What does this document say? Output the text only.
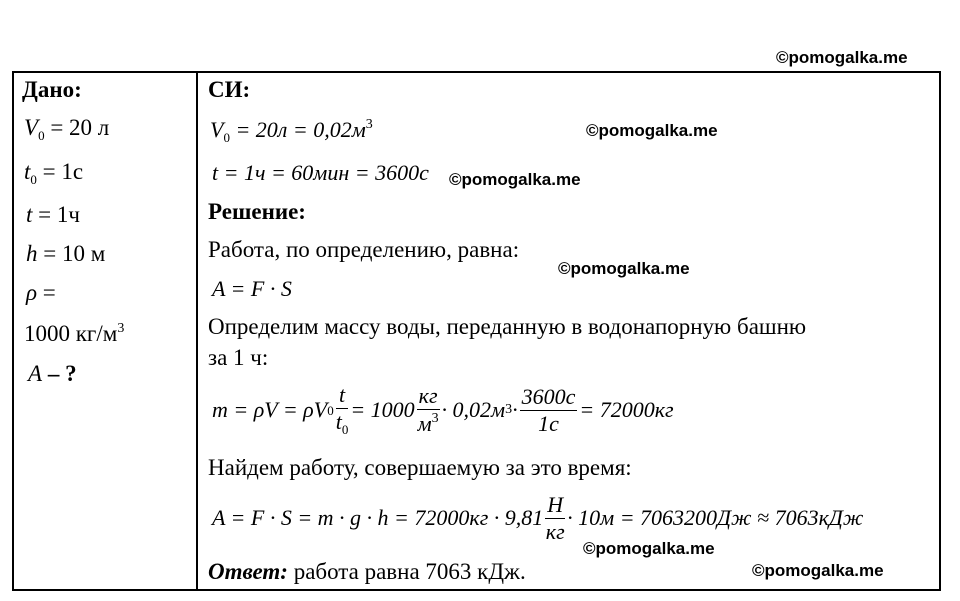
©pomogalka.me
©pomogalka.me
©pomogalka.me
©pomogalka.me
©pomogalka.me
©pomogalka.me
Дано:
$V_0 = 20$ л
$t_0 = 1с$
t = 1ч
h = 10 м
ρ =
1000 $кг/м^3$
A – ?
СИ:
$V_0 = 20л = 0,02м^3$
t = 1ч = 60мин = 3600с
Решение:
Работа, по определению, равна:
A = F · S
Определим массу воды, переданную в водонапорную башню
за 1 ч:
m = ρV = ρV $0 \frac{t}{t_0} = 1000 \frac{кг}{м^3} \cdot 0,02м$ $3 \cdot \frac{3600с}{1с} = 72000кг$
Найдем работу, совершаемую за это время:
$A = F \cdot S = m \cdot g \cdot h = 72000кг \cdot 9,81 \frac{Н}{кг} \cdot 10м = 7063200Дж \approx 7063кДж$
Ответ: работа равна 7063 кДж.
